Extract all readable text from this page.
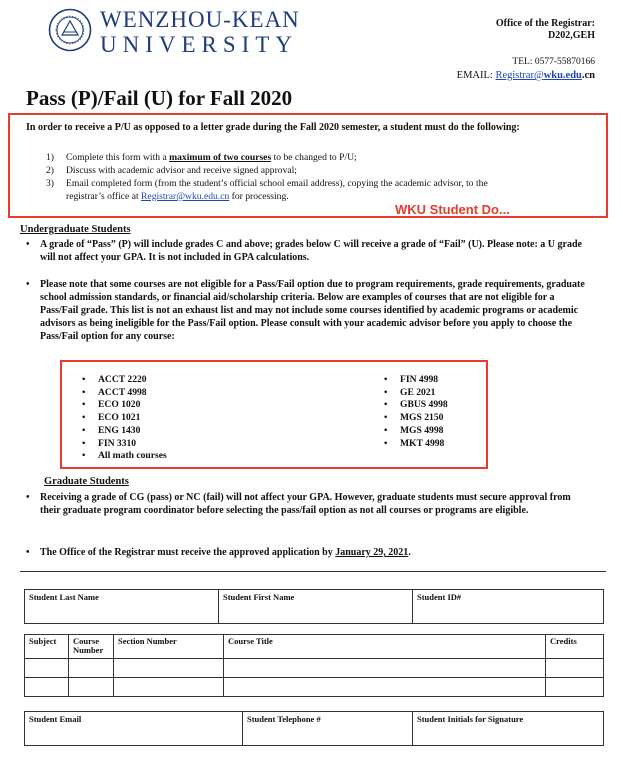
WENZHOU-KEAN
UNIVERSITY
Office of the Registrar:
D202,GEH
TEL: 0577-55870166
EMAIL: Registrar@wku.edu.cn
Pass (P)/Fail (U) for Fall 2020
In order to receive a P/U as opposed to a letter grade during the Fall 2020 semester, a student must do the following:
1)	Complete this form with a maximum of two courses to be changed to P/U;
2)	Discuss with academic advisor and receive signed approval;
3)	Email completed form (from the student’s official school email address), copying the academic advisor, to the
registrar’s office at Registrar@wku.edu.cn for processing.
WKU Student Do...
Undergraduate Students
• A grade of “Pass” (P) will include grades C and above; grades below C will receive a grade of “Fail” (U). Please note: a U grade will not affect your GPA. It is not included in GPA calculations.
• Please note that some courses are not eligible for a Pass/Fail option due to program requirements, grade requirements, graduate school admission standards, or financial aid/scholarship criteria. Below are examples of courses that are not eligible for a Pass/Fail grade. This list is not an exhaust list and may not include some courses identified by academic programs or academic advisors as being ineligible for the Pass/Fail option. Please consult with your academic advisor before you apply to choose the Pass/Fail option for any course:
• ACCT 2220
• ACCT 4998
• ECO 1020
• ECO 1021
• ENG 1430
• FIN 3310
• All math courses
• FIN 4998
• GE 2021
• GBUS 4998
• MGS 2150
• MGS 4998
• MKT 4998
Graduate Students
• Receiving a grade of CG (pass) or NC (fail) will not affect your GPA. However, graduate students must secure approval from their graduate program coordinator before selecting the pass/fail option as not all courses or programs are eligible.
• The Office of the Registrar must receive the approved application by January 29, 2021.
Student Last Name	Student First Name	Student ID#
Subject	Course Number	Section Number	Course Title	Credits

Student Email	Student Telephone #	Student Initials for Signature
